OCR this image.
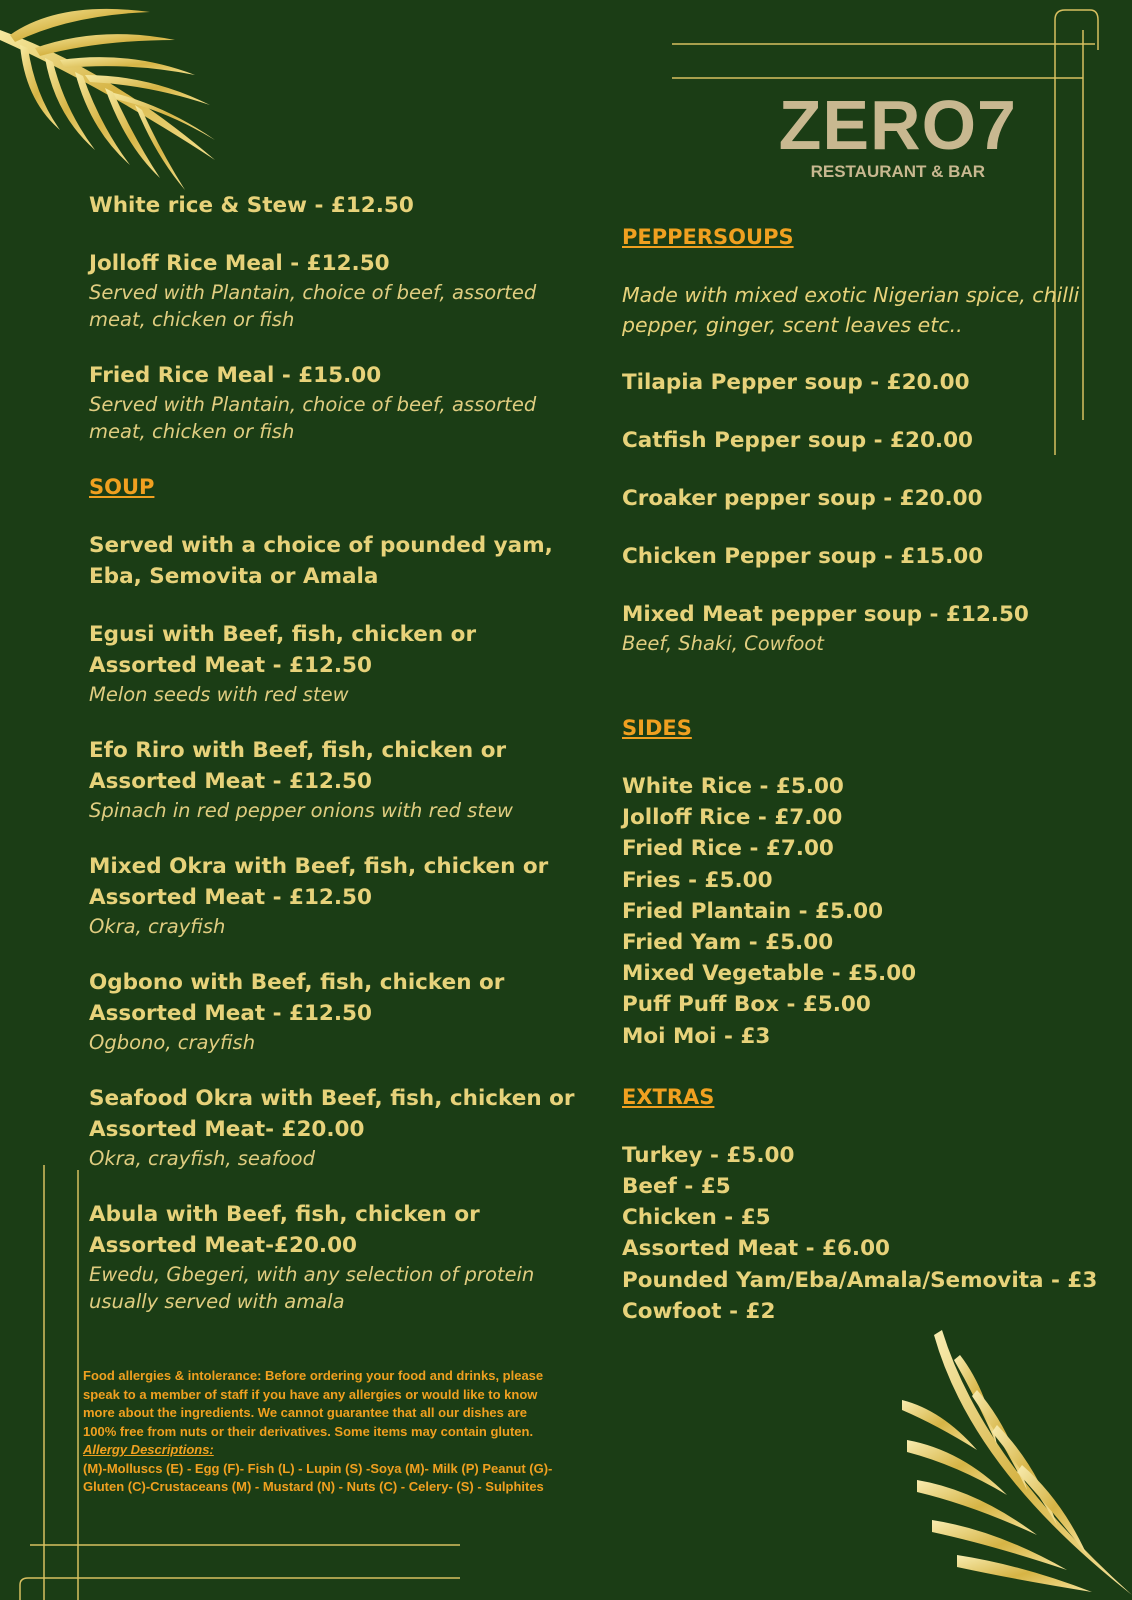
ZERO7
RESTAURANT & BAR
White rice & Stew - £12.50
Jolloff Rice Meal - £12.50
Served with Plantain, choice of beef, assorted meat, chicken or fish
Fried Rice Meal - £15.00
Served with Plantain, choice of beef, assorted meat, chicken or fish
SOUP
Served with a choice of pounded yam, Eba, Semovita or Amala
Egusi with Beef, fish, chicken or Assorted Meat - £12.50
Melon seeds with red stew
Efo Riro with Beef, fish, chicken or Assorted Meat - £12.50
Spinach in red pepper onions with red stew
Mixed Okra with Beef, fish, chicken or Assorted Meat - £12.50
Okra, crayfish
Ogbono with Beef, fish, chicken or Assorted Meat - £12.50
Ogbono, crayfish
Seafood Okra with Beef, fish, chicken or Assorted Meat- £20.00
Okra, crayfish, seafood
Abula with Beef, fish, chicken or Assorted Meat-£20.00
Ewedu, Gbegeri, with any selection of protein usually served with amala
Food allergies & intolerance: Before ordering your food and drinks, please speak to a member of staff if you have any allergies or would like to know more about the ingredients. We cannot guarantee that all our dishes are 100% free from nuts or their derivatives. Some items may contain gluten.
Allergy Descriptions:
(M)-Molluscs (E) - Egg (F)- Fish (L) - Lupin (S) -Soya (M)- Milk (P) Peanut (G)- Gluten (C)-Crustaceans (M) - Mustard (N) - Nuts (C) - Celery- (S) - Sulphites
PEPPERSOUPS
Made with mixed exotic Nigerian spice, chilli pepper, ginger, scent leaves etc..
Tilapia Pepper soup - £20.00
Catfish Pepper soup - £20.00
Croaker pepper soup - £20.00
Chicken Pepper soup - £15.00
Mixed Meat pepper soup - £12.50
Beef, Shaki, Cowfoot
SIDES
White Rice - £5.00
Jolloff Rice - £7.00
Fried Rice - £7.00
Fries - £5.00
Fried Plantain - £5.00
Fried Yam - £5.00
Mixed Vegetable - £5.00
Puff Puff Box - £5.00
Moi Moi - £3
EXTRAS
Turkey - £5.00
Beef - £5
Chicken - £5
Assorted Meat - £6.00
Pounded Yam/Eba/Amala/Semovita - £3
Cowfoot - £2
